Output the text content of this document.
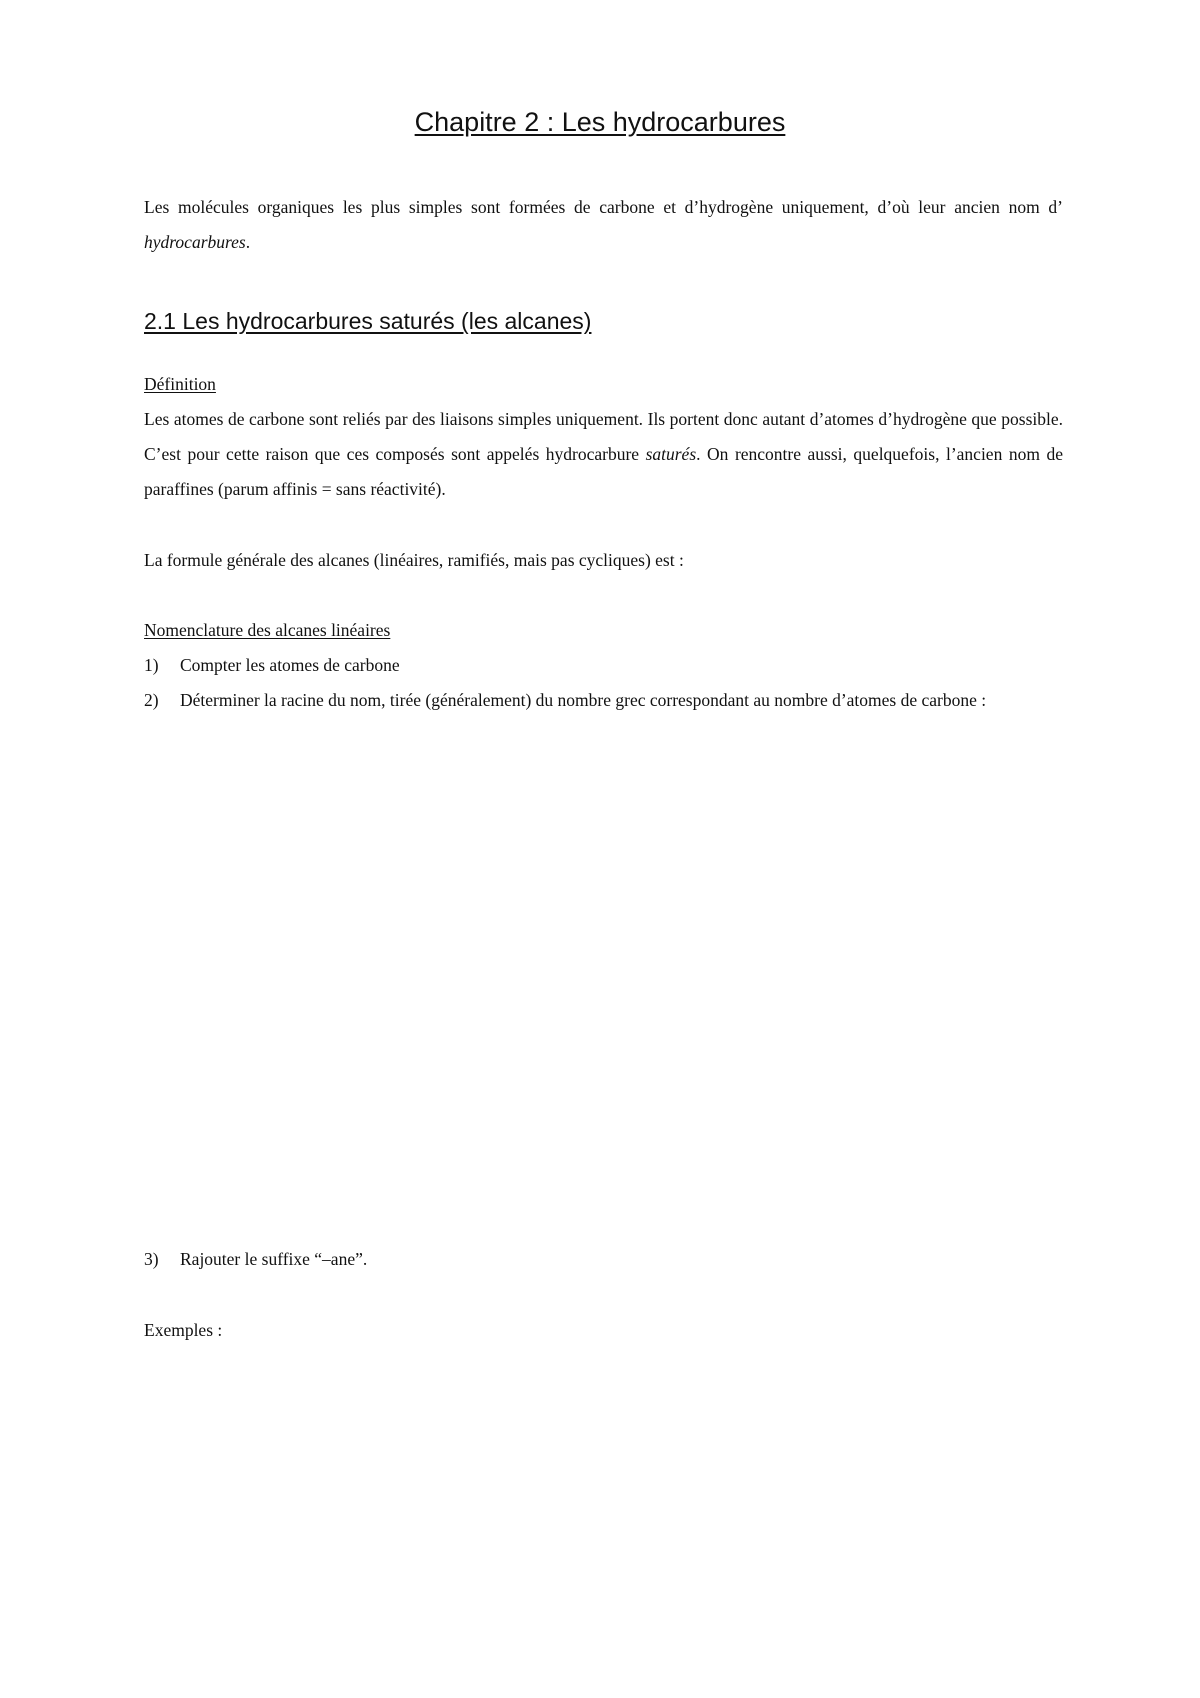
Chapitre 2 : Les hydrocarbures

Les molécules organiques les plus simples sont formées de carbone et d’hydrogène uniquement, d’où leur ancien nom d’ hydrocarbures.

2.1 Les hydrocarbures saturés (les alcanes)
Définition

Les atomes de carbone sont reliés par des liaisons simples uniquement. Ils portent donc autant d’atomes d’hydrogène que possible. C’est pour cette raison que ces composés sont appelés hydrocarbure saturés. On rencontre aussi, quelquefois, l’ancien nom de paraffines (parum affinis = sans réactivité).

La formule générale des alcanes (linéaires, ramifiés, mais pas cycliques) est :
Nomenclature des alcanes linéaires
1) Compter les atomes de carbone
2) Déterminer la racine du nom, tirée (généralement) du nombre grec correspondant au nombre d’atomes de carbone :
3) Rajouter le suffixe “–ane”.
Exemples :
